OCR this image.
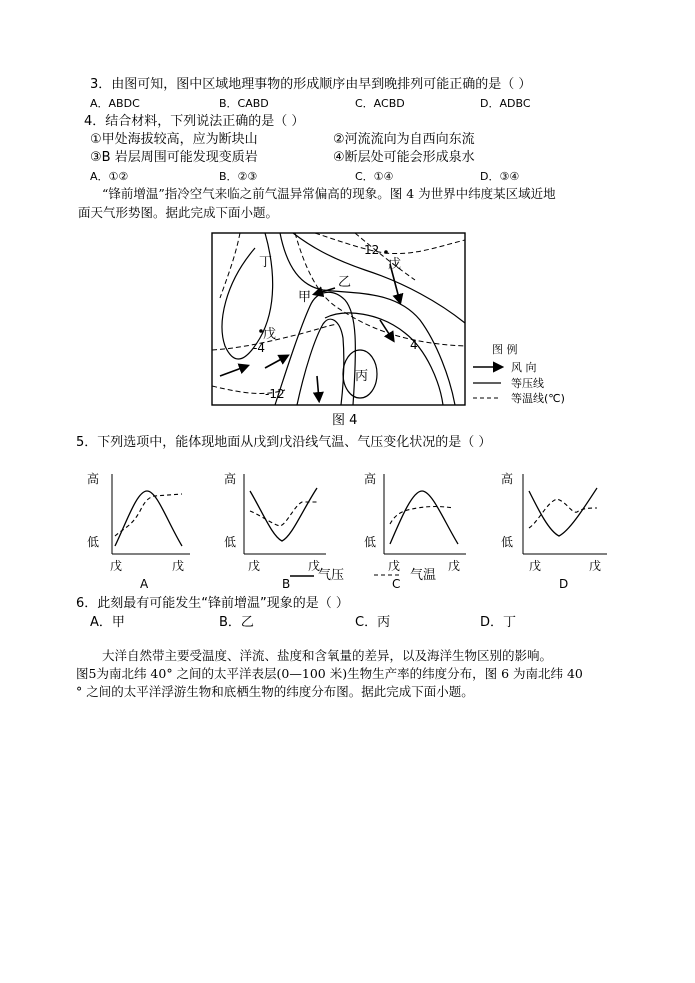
3．由图可知，图中区域地理事物的形成顺序由早到晚排列可能正确的是（ ）
A．ABDC	B．CABD	C．ACBD	D．ADBC
4．结合材料，下列说法正确的是（ ）
①甲处海拔较高，应为断块山	②河流流向为自西向东流
③B 岩层周围可能发现变质岩	④断层处可能会形成泉水
A．①②	B．②③	C．①④	D．③④
“锋前增温”指冷空气来临之前气温异常偏高的现象。图 4 为世界中纬度某区域近地
面天气形势图。据此完成下面小题。
丁	戊
戊
甲
乙
丙
12
-4	4
-12
图 例
风 向
等压线
等温线(℃)
图 4
5．下列选项中，能体现地面从戊到戊沿线气温、气压变化状况的是（ ）
高
低
戊	戊
A
高
低
戊	戊
B
气压
高
低
戊	戊
C
气温
高
低
戊	戊
D
6．此刻最有可能发生“锋前增温”现象的是（ ）
A．甲	B．乙	C．丙	D．丁
大洋自然带主要受温度、洋流、盐度和含氧量的差异，以及海洋生物区别的影响。
图5为南北纬 40° 之间的太平洋表层(0—100 米)生物生产率的纬度分布，图 6 为南北纬 40
° 之间的太平洋浮游生物和底栖生物的纬度分布图。据此完成下面小题。
